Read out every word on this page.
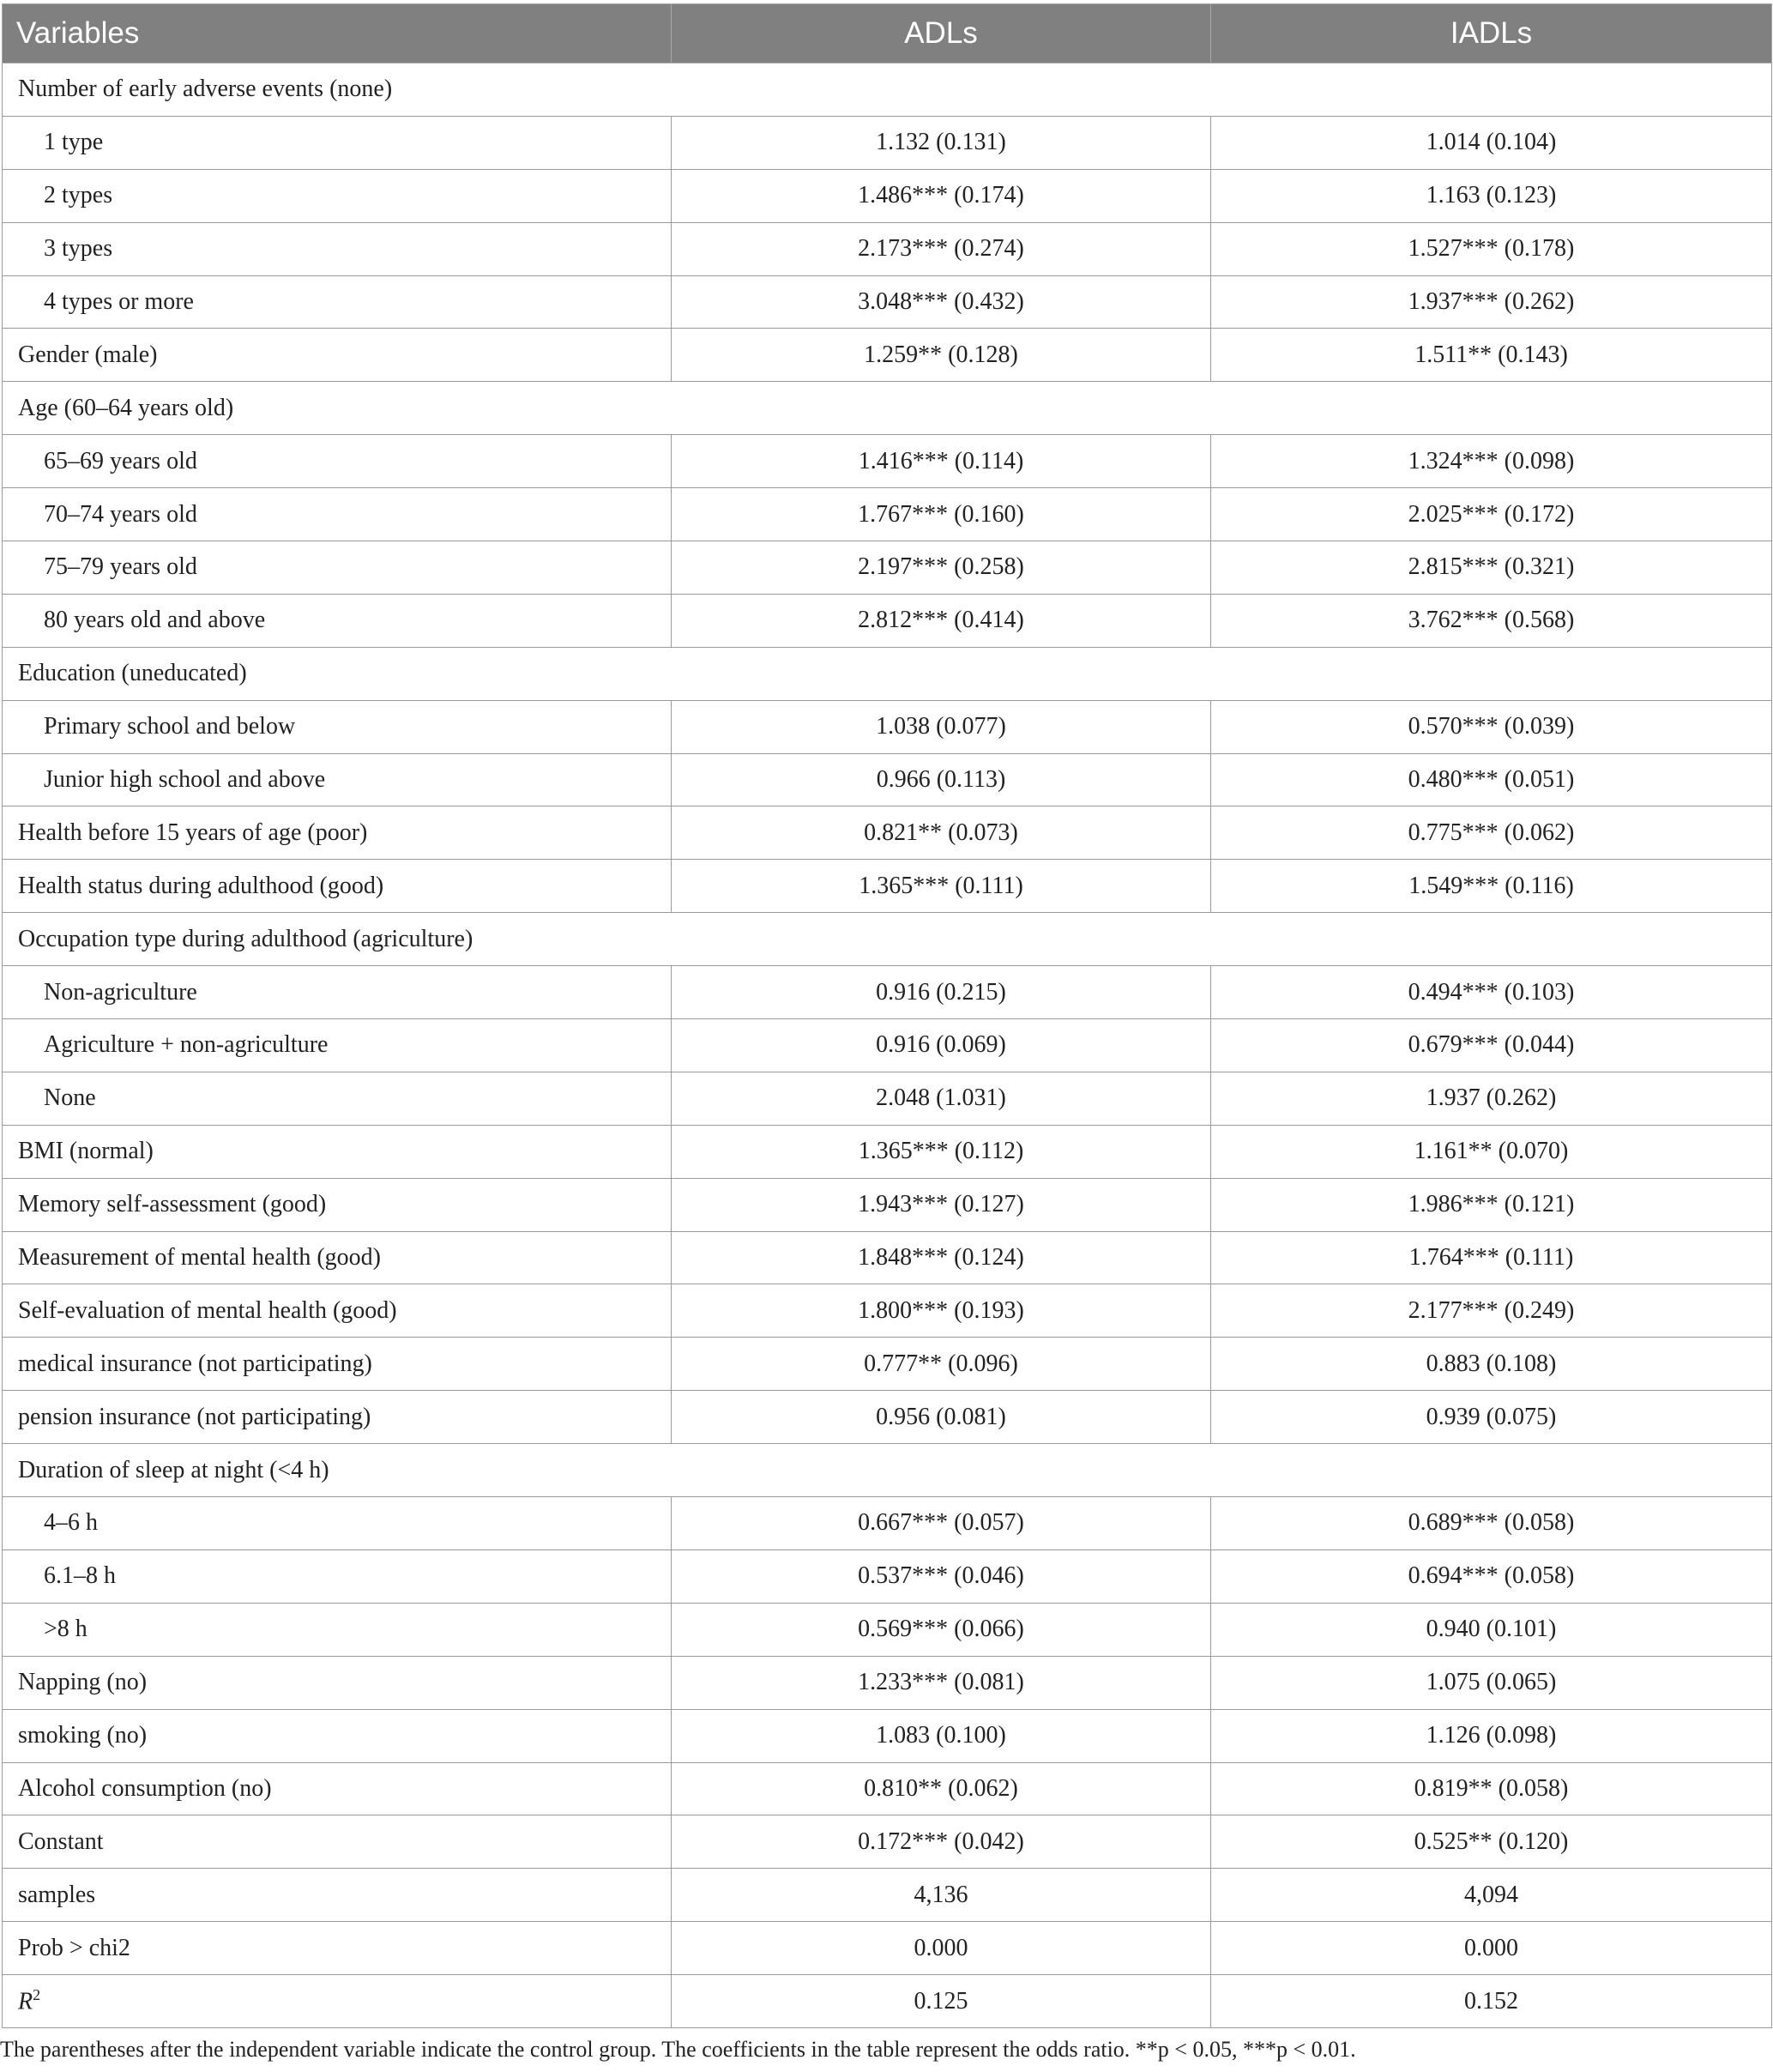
Variables	ADLs	IADLs
Number of early adverse events (none)		
1 type	1.132 (0.131)	1.014 (0.104)
2 types	1.486*** (0.174)	1.163 (0.123)
3 types	2.173*** (0.274)	1.527*** (0.178)
4 types or more	3.048*** (0.432)	1.937*** (0.262)
Gender (male)	1.259** (0.128)	1.511** (0.143)
Age (60–64 years old)		
65–69 years old	1.416*** (0.114)	1.324*** (0.098)
70–74 years old	1.767*** (0.160)	2.025*** (0.172)
75–79 years old	2.197*** (0.258)	2.815*** (0.321)
80 years old and above	2.812*** (0.414)	3.762*** (0.568)
Education (uneducated)		
Primary school and below	1.038 (0.077)	0.570*** (0.039)
Junior high school and above	0.966 (0.113)	0.480*** (0.051)
Health before 15 years of age (poor)	0.821** (0.073)	0.775*** (0.062)
Health status during adulthood (good)	1.365*** (0.111)	1.549*** (0.116)
Occupation type during adulthood (agriculture)		
Non-agriculture	0.916 (0.215)	0.494*** (0.103)
Agriculture + non-agriculture	0.916 (0.069)	0.679*** (0.044)
None	2.048 (1.031)	1.937 (0.262)
BMI (normal)	1.365*** (0.112)	1.161** (0.070)
Memory self-assessment (good)	1.943*** (0.127)	1.986*** (0.121)
Measurement of mental health (good)	1.848*** (0.124)	1.764*** (0.111)
Self-evaluation of mental health (good)	1.800*** (0.193)	2.177*** (0.249)
medical insurance (not participating)	0.777** (0.096)	0.883 (0.108)
pension insurance (not participating)	0.956 (0.081)	0.939 (0.075)
Duration of sleep at night (<4 h)		
4–6 h	0.667*** (0.057)	0.689*** (0.058)
6.1–8 h	0.537*** (0.046)	0.694*** (0.058)
>8 h	0.569*** (0.066)	0.940 (0.101)
Napping (no)	1.233*** (0.081)	1.075 (0.065)
smoking (no)	1.083 (0.100)	1.126 (0.098)
Alcohol consumption (no)	0.810** (0.062)	0.819** (0.058)
Constant	0.172*** (0.042)	0.525** (0.120)
samples	4,136	4,094
Prob > chi2	0.000	0.000
$R^2$	0.125	0.152
The parentheses after the independent variable indicate the control group. The coefficients in the table represent the odds ratio. **p < 0.05, ***p < 0.01.
